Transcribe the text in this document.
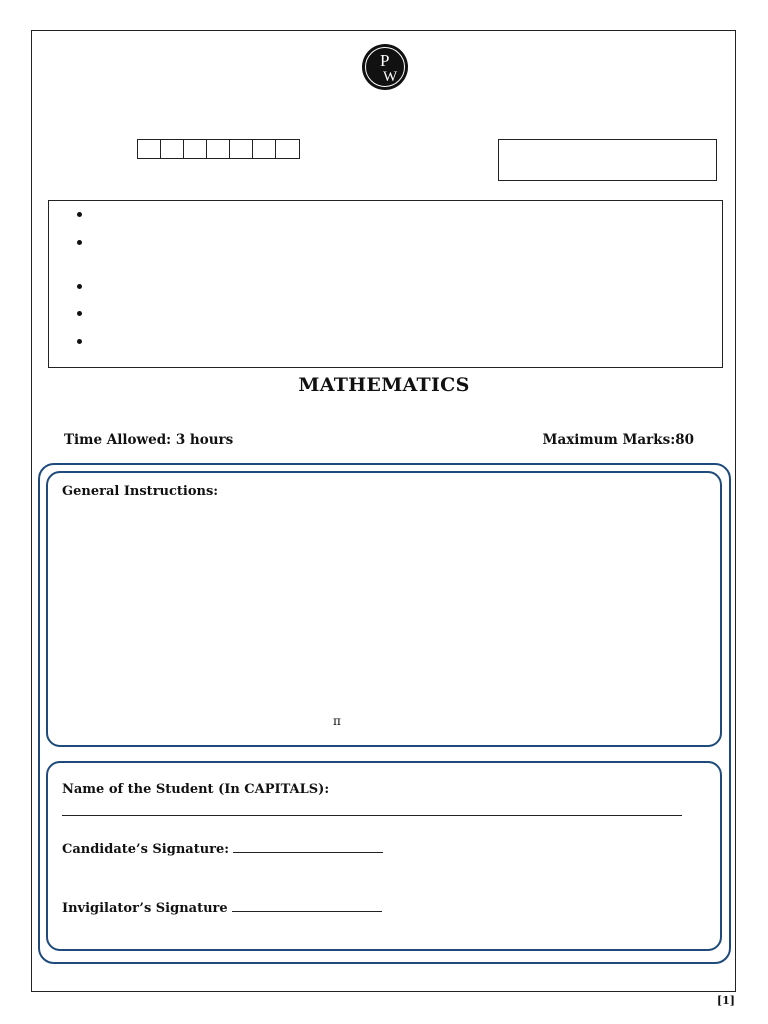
P
W
MATHEMATICS
Time Allowed: 3 hours	Maximum Marks:80
General Instructions:
π
Name of the Student (In CAPITALS):
Candidate’s Signature:
Invigilator’s Signature
[1]
